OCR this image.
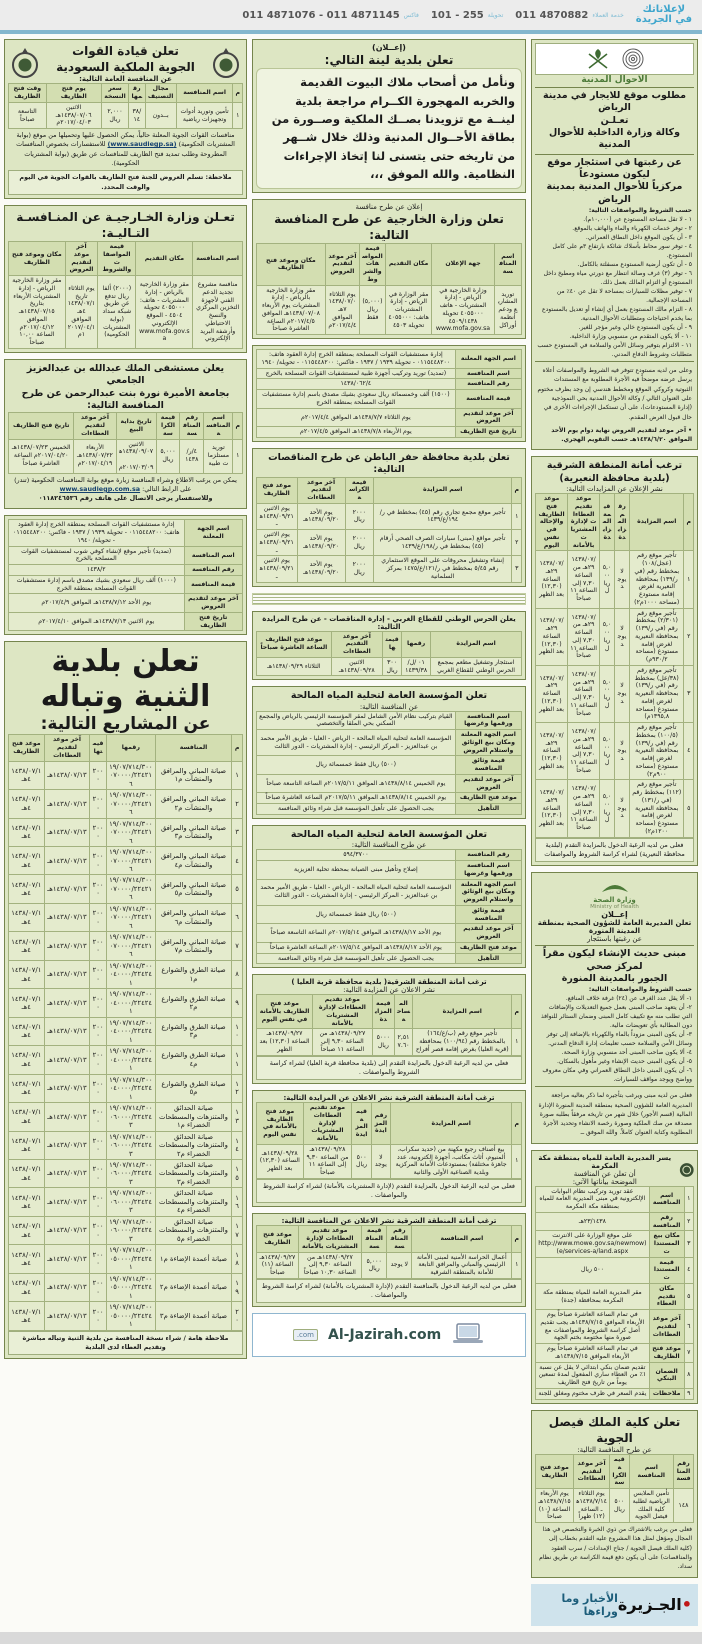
لإعلاناتك
في الجريدة
خدمة العملاء
011 4870882
تحويلة
101 - 255
فاكس
011 4871076 - 011 4871145
الاحوال المدنية
مطلوب موقع للايجار في مدينة الرياض
تعـلـن
وكالة وزارة الداخلية للأحوال المدنية
عن رغبتها في استئجار موقع ليكون مستودعاً
مركزياً للأحوال المدنية بمدينة الرياض
حسب الشروط والمواصفات التالية:
١ - لا تقل مساحة المستودع عن (١٠,٠٠٠م).
٢ - توفر خدمات الكهرباء والماء والهاتف بالموقع.
٣ - أن يكون الموقع داخل النطاق العمراني.
٤ - توفر سور محاط بأسلاك شائكة بارتفاع ٣م على كامل المستودع.
٥ - أن تكون أرضية المستودع مسفلتة بالكامل.
٦ - توفر (٣) غرف وصالة انتظار مع دورتي مياه ومطبخ داخل المستودع أو التزام المالك بعمل ذلك.
٧ - توفير مظلات للسيارات بمساحة لا تقل عن ٤٠٪ من المساحة الإجمالية.
٨ - التزام مالك المستودع بعمل أي إنشاء أو تعديل بالمستودع بما يخدم احتياجات ومتطلبات الأحوال المدنية.
٩ - أن يكون المستودع خالي وغير مؤجر للغير.
١٠ - ألا يكون المتقدم من منسوبي وزارة الداخلية.
١١ - الالتزام بتوفير وسائل الأمن والسلامة في المستودع حسب متطلبات وشروط الدفاع المدني.
وعلى من لديه مستودع تتوفر فيه الشروط والمواصفات أعلاه يرسل عرضه موضحاً فيه الأجرة المطلوبة مع المستندات الثبوتية وكروكي الموقع ومخطط هندسي إن وجد بظرف مختوم على العنوان التالي / وكالة الأحوال المدنية بحي النموذجية (إدارة المستودعات)، على أن تستكمل الإجراءات الأخرى في حال قبول العرض المقدم.
• آخر موعد لتقديم العروض نهاية دوام يوم الأحد الموافق ١٤٣٨/٦/٢٠هـ حسب التقويم الهجري.
ترغب أمانة المنطقة الشرقية (بلدية محافظة النعيرية)
نشر الإعلان عن المزايدات التالية:
م	اسم المزايدة	رقم المزايدة	قيمة المزايدة	موعد تقديم العطاءات لإدارة المشتريات بالأمانة	موعد فتح الظاريف والإحالة في نفس اليوم
١	تأجير موقع رقم (عجل/١٠٨) بمخطط رقم (في ر/١٣٩) بمحافظة النعيرية لغرض إقامة مستودع (مساحة ١٠٠٠م٢)	لا يوجد	٥,٠٠٠ ريال	١٤٣٨/٠٧/٢٩هـ من الساعة ٧,٣٠ إلى الساعة ١١ صباحاً	١٤٣٨/٠٧/٢٩هـ الساعة (١٢,٣٠) بعد الظهر
٢	تأجير موقع رقم (٢/٣٠١) بمخطط رقم (في ر/١٣٩) بمحافظة النعيرية لغرض إقامة مستودع (مساحة ٩٣٠/٢م)	لا يوجد	٥,٠٠٠ ريال	١٤٣٨/٠٧/٢٩هـ من الساعة ٧,٣٠ إلى الساعة ١١ صباحاً	١٤٣٨/٠٧/٢٩هـ الساعة (١٢,٣٠) بعد الظهر
٣	تأجير موقع رقم (٣٨/عل) بمخطط رقم (في ر/١٣٩) بمحافظة النعيرية لغرض إقامة مستودع (مساحة ١٣٩٥,٨م)	لا يوجد	٥,٠٠٠ ريال	١٤٣٨/٠٧/٢٩هـ من الساعة ٧,٣٠ إلى الساعة ١١ صباحاً	١٤٣٨/٠٧/٢٩هـ الساعة (١٢,٣٠) بعد الظهر
٤	تأجير موقع رقم (١٠٠/٥) بمخطط رقم (في ر/١٣٩) بمحافظة النعيرية لغرض إقامة مستودع (مساحة ٩٠٠م٢)	لا يوجد	٥,٠٠٠ ريال	١٤٣٨/٠٧/٢٩هـ من الساعة ٧,٣٠ إلى الساعة ١١ صباحاً	١٤٣٨/٠٧/٢٩هـ الساعة (١٢,٣٠) بعد الظهر
٥	تأجير موقع رقم (١١٢) بمخطط رقم (في ر/١٣١) بمحافظة النعيرية لغرض إقامة مستودع (مساحة ١٢٠٠م٢)	لا يوجد	٥,٠٠٠ ريال	١٤٣٨/٠٧/٢٩هـ من الساعة ٧,٣٠ إلى الساعة ١١ صباحاً	١٤٣٨/٠٧/٢٩هـ الساعة (١٢,٣٠) بعد الظهر
فعلى من لديه الرغبة الدخول بالمزايدة التقدم (لبلدية محافظة النعيرية) لشراء كراسة الشروط والمواصفات
وزارة الصحة
Ministry of Health
إعــلان
تعلن المديرية العامة للشؤون الصحية بمنطقة المدينة المنورة
عن رغبتها باستئجار
مبنى حديث الإنشاء ليكون مقراً لمركز صحي
الجبور بالمدينة المنورة
حسب الشروط والمواصفات التالية:
١- ألا يقل عدد الغرف عن (٢٤) غرفة خلاف المنافع.
٢- أن يتعهد صاحب المبنى بعمل جميع التعديلات والإضافات التي تطلب منه مع تكييف كامل المبنى وضمان الستائر للنوافذ دون المطالبة بأي تعويضات مالية.
٣- أن يكون المبنى مزوداً بالماء والكهرباء بالإضافة إلى توفر وسائل الأمن والسلامة حسب تعليمات إدارة الدفاع المدني.
٤- ألا يكون صاحب المبنى أحد منسوبي وزارة الصحة.
٥- أن يكون المبنى حديث الإنشاء وغير مأهول بالسكان.
٦- أن يكون المبنى داخل النطاق العمراني وفي مكان معروف وواضح ويوجد مواقف للسيارات.
فعلى من لديه مبنى ويرغب بتأجيره لما ذكر بعاليه مراجعة المديرية العامة للشؤون الصحية بمنطقة المدينة المنورة الإدارة المالية (قسم الأجور) خلال شهر من تاريخه مرفقاً بطلبه صورة مصدقة من صك الملكية وصورة رخصة الانشاء وتحديد الأجرة المطلوبة وكتابة العنوان كاملاً. والله الموفق ــ
يسر المديرية العامة للمياه بمنطقة مكة المكرمة
أن تعلن عن المنافسة
الموضحة بياناتها الآتي:
١	اسم المنافسة	عقد توريد وتركيب نظام البوابات الإلكترونية في مبنى المديرية العامة للمياه بمنطقة مكة المكرمة
٢	رقم المنافسة	٢٣/١٤٣٨هـ
٣	مكان بيع المستندات	على موقع الوزارة على الانترنت (http://www.mowe.gov.sa/newmowe/services-a/land.aspx)
٤	قيمة المستندات	٥٠٠ ريال
٥	مكان تقديم العطاء	مقر المديرية العامة للمياه بمنطقة مكة المكرمة بمحافظة (جدة)
٦	آخر موعد لتقديم العطاءات	في تمام الساعة العاشرة صباحاً يوم الأربعاء الموافق ١٤٣٨/٧/١٥هـ يجب تقديم أصل كراسة الشروط والمواصفات مع صورة منها مختومة بختم الجهة
٧	موعد فتح الظاريف	في تمام الساعة العاشرة صباحاً يوم الأربعاء الموافق ١٤٣٨/٧/١٥هـ
٨	الضمان البنكي	تقديم ضمان بنكي ابتدائي لا يقل عن نسبة ١٪ من العطاء ساري المفعول لمدة تسعين يوماً من تاريخ فتح الظاريف
٩	ملاحظات	يقدم السعر في ظرف مختوم ومغلق للجنة
تعلن كلية الملك فيصل الجوية
عن طرح المنافسة التالية:
رقم المنافسة	اسم المنافسة	قيمة الكراسة	آخر موعد لتقديم العطاءات	موعد فتح الظاريف
١٤٨	تأمين الملابس الرياضية لطلبة كلية الملك فيصل الجوية	٥٠٠ ريال	يوم الثلاثاء ١٤٣٨/٧/١٤هـ الساعة (١٢) ظهراً	يوم الأربعاء ١٤٣٨/٧/١٥هـ الساعة (١٠) صباحاً
فعلى من يرغب بالاشتراك من ذوي الخبرة والتخصص في هذا المجال ومؤهل لمثل هذا المشروع عليه التقدم بخطاب إلى (كلية الملك فيصل الجوية / جناح الإمدادات / سرب العقود والمناقصات) على أن يكون دفع قيمة الكراسة عن طريق نظام سداد.
•الجـزيرة
الأخبار وما وراءها
(إعــلان)
تعلن بلدية لينة التالي:
ونأمل من أصحاب ملاك البيوت القديمة والخربه المهجورة الكــرام مراجعة بلدية لينــة مع تزويدنا بصــك الملكية وصــورة من بطاقة الأحــوال المدنية وذلك خلال شــهر من تاريخه حتى يتسنى لنا إتخاذ الإجراءات النظامية. والله الموفق ،،،
إعلان عن طرح منافسة
تعلن وزارة الخارجية عن طرح المنافسة التالية:
اسم المنافسة	جهة الإعلان	مكان التقديم	قيمة المواصفات والشروط	آخر موعد لتقديم العروض	مكان وموعد فتح الظاريف
توريد المشاريع ودعم أنظمة أوراكل	وزارة الخارجية في الرياض - إدارة المشتريات - هاتف ٤٠٥٥٠٠٠ تحويلة ٤٥٠٩/١٤٣٨ www.mofa.gov.sa	مقر الوزارة في الرياض - إدارة المشتريات هاتف: ٤٠٥٥٠٠٠ تحويلة ٤٥٠٣	(٥,٠٠٠) ريال فقط	يوم الثلاثاء ١٤٣٨/٠٧/٠٧هـ الموافق ٢٠١٧/٤/٤م	مقر وزارة الخارجية بالرياض - إدارة المشتريات يوم الأربعاء ١٤٣٨/٠٧/٠٨هـ الموافق ٢٠١٧/٤/٥م الساعة العاشرة صباحاً
اسم الجهة المعلنة	إدارة مستشفيات القوات المسلحة بمنطقة الخرج إدارة العقود هاتف: ٠١١٥٤٤٨٢٠٠ - تحويلة ١٩٣٩ / ١٩٣٧ - فاكس: ٠١١٥٤٤٨٢٠٠ - تحويلة/ ١٩٤٠
اسم المنافسة	(تمديد) توريد وتركيب أجهزة طبية لمستشفيات القوات المسلحة بالخرج
رقم المنافسة	١٤٣٨/٠٦٢/٤
قيمة المنافسة	(١٥٠٠) ألف وخمسمائة ريال سعودي بشيك مصدق باسم إدارة مستشفيات القوات المسلحة بمنطقة الخرج
آخر موعد لتقديم العروض	يوم الثلاثاء ١٤٣٨/٧/٧هـ الموافق ٢٠١٧/٤/٤م
تاريخ فتح الظاريف	يوم الأربعاء ١٤٣٨/٧/٨هـ الموافق ٢٠١٧/٤/٥م
تعلن بلدية محافظة حفر الباطن عن طرح المناقصات التالية:
م	اسم المزايدة	قيمة الكراسة	آخر موعد لتقديم العطاءات	موعد فتح الظاريف
١	تأجير موقع مجمع تجاري رقم (٤٥) بمخطط في ر/١٩٤/ع/١٤٣٩	٢٠٠٠ ريال	يوم الأحد ١٤٣٨/٠٩/٢٠هـ	يوم الاثنين ١٤٣٨/٠٩/٢١هـ
٢	تأجير مواقع (مبنى) سيارات الصرف الصحي أرقام (٤٥) بمخطط في ر/١٩٨/ع/١٤٣٩	٢٠٠٠ ريال	يوم الأحد ١٤٣٨/٠٩/٢٠هـ	يوم الاثنين ١٤٣٨/٠٩/٢١هـ
٣	إنشاء وتشغيل محروقات على الموقع الاستثماري رقم ٥/٤٥ بمخطط في ر/١٢١/ع/١٤٧٥ بمركز السلمانية	٢٠٠٠ ريال	يوم الأحد ١٤٣٨/٠٩/٢٠هـ	يوم الاثنين ١٤٣٨/٠٩/٢١هـ
يعلن الحرس الوطني للقطاع الغربي - إدارة المناقصات - عن طرح المزايدة التالية:
اسم المزايدة	رقمها	قيمتها	آخر موعد التقديم العطاءات	موعد فتح الظاريف الساعة العاشرة صباحاً
استئجار وتشغيل مطعم بمجمع الحرس الوطني للقطاع الغربي	٠١ /ل/ ١٤٣٩/٣٨	٣٠٠ ريال	الاثنين ١٤٣٨/٠٩/٢٨هـ	الثلاثاء ١٤٣٨/٠٩/٢٩هـ
تعلن المؤسسة العامة لتحلية المياه المالحة
عن المنافسة التالية:
اسم المنافسة ورقمها وغرضها	القيام بتركيب نظام الأمن الشامل لمقر المؤسسة الرئيسي بالرياض والمجمع السكني بحي الملقا والتخصصي
اسم الجهة المعلنة ومكان بيع الوثائق واستلام العروض	المؤسسة العامة لتحلية المياه المالحة - الرياض - العليا - طريق الأمير محمد بن عبدالعزيز - المركز الرئيسي - إدارة المشتريات - الدور الثالث
قيمة وثائق المنافسة	(٥٠٠) ريال فقط خمسمائة ريال
آخر موعد لتقديم العروض	يوم الخميس ١٤٣٨/٨/١٤هـ الموافق ٢٠١٧/٥/١١م الساعة التاسعة صباحاً
موعد فتح الظاريف	يوم الخميس ١٤٣٨/٨/١٤هـ الموافق ٢٠١٧/٥/١١م الساعة العاشرة صباحاً
التأهيل	يجب الحصول على تأهيل المؤسسة قبل شراء وثائق المنافسة
تعلن المؤسسة العامة لتحلية المياه المالحة
عن طرح المنافسة التالية:
رقم المنافسة	٥٩٤/٣٧٠٠
اسم المنافسة ورقمها وغرضها	إصلاح وتأهيل مبنى الصيانة بمحطة تحلية العزيزية
اسم الجهة المعلنة ومكان بيع الوثائق واستلام العروض	المؤسسة العامة لتحلية المياه المالحة - الرياض - العليا - طريق الأمير محمد بن عبدالعزيز - المركز الرئيسي - إدارة المشتريات - الدور الثالث
قيمة وثائق المنافسة	(٥٠٠) ريال فقط خمسمائة ريال
آخر موعد لتقديم العروض	يوم الأحد ١٤٣٨/٨/١٧هـ الموافق ٢٠١٧/٥/١٤م الساعة التاسعة صباحاً
موعد فتح الظاريف	يوم الأحد ١٤٣٨/٨/١٧هـ الموافق ٢٠١٧/٥/١٤م الساعة العاشرة صباحاً
التأهيل	يجب الحصول على تأهيل المؤسسة قبل شراء وثائق المنافسة
ترغب أمانة المنطقة الشرقية( بلدية محافظة قرية العليا )
نشر الاعلان عن المزايدة التالية:
م	اسم المزايدة	المساحة	قيمة المزايدة	موعد تقديم العطاءات لإدارة المشتريات بالأمانة	موعد فتح الظاريف بالأمانة في نفس اليوم
١	تأجير موقع رقم (ب/ع/١٦٤) بالمخطط رقم (١٠٠/٩٤) بمحافظة (قرية العليا) بغرض إقامة قصر أفراح	٢,٥١٧.٦٠	٥٠٠٠ ريال	١٤٣٨/٠٩/٢٧هـ من الساعة ٩,٣٠ إلى الساعة ١١ صباحاً	١٤٣٨/٠٩/٢٧هـ الساعة (١٢,٣٠) بعد الظهر
فعلى من لديه الرغبة الدخول بالمزايدة التقدم إلى (بلدية محافظة قرية العليا) لشراء كراسة الشروط والمواصفات .
ترغب أمانة المنطقة الشرقية نشر الاعلان عن المزايدة التالية:
م	اسم المزايدة	رقم المزايدة	قيمة المزايدة	موعد تقديم العطاءات لإدارة المشتريات بالأمانة	موعد فتح الظاريف بالأمانة في نفس اليوم
١	بيع أصناف رجيع مكهنة من (حديد سكراب، ألمنيوم، أثاث مكاتب، أجهزة إلكترونية، عدد جاهزة مختلفة) بمستودعات الأمانة المركزية وبلدية الصناعية الأولى والثانية	لا يوجد	٥٠٠ ريال	١٤٣٨/٠٩/٢٨هـ من الساعة ٩,٣٠ إلى الساعة ١١ صباحاً	١٤٣٨/٠٩/٢٨هـ الساعة (١٢,٣٠) بعد الظهر
فعلى من لديه الرغبة الدخول بالمزايدة التقدم (لإدارة المشتريات بالأمانة) لشراء كراسة الشروط والمواصفات .
ترغب أمانة المنطقة الشرقية نشر الاعلان عن المنافسة التالية:
م	اسم المنافسة	رقم المنافسة	قيمة المنافسة	موعد تقديم العطاءات لإدارة المشتريات بالأمانة	موعد فتح الظاريف
١	أعمال الحراسة الأمنية لمبنى الأمانة الرئيسي والمباني والمرافق التابعة للأمانة بالمنطقة الشرقية	لا يوجد	٥,٠٠٠ ريال	١٤٣٨/٠٩/٢٧هـ من الساعة ٩,٣٠ إلى الساعة ١٠,٣٠ صباحاً	١٤٣٨/٠٩/٢٧هـ الساعة (١١) صباحاً
فعلى من لديه الرغبة الدخول بالمنافسة التقدم (لإدارة المشتريات بالأمانة) لشراء كراسة الشروط والمواصفات .
Al-Jazirah.com
.com
تعلن قيادة القوات
الجوية الملكية السعودية
عن المنافسة العامة التالية:
م	اسم المنافسة	مجال التصنيف	رقمها	سعر النسخة	يوم فتح الظاريف	وقت فتح الظاريف
١	تأمين وتوريد أدوات وتجهيزات رياضية	بــدون	٣٨/١٤	٢,٠٠٠ ريال	الاثنين ١٤٣٨/٠٧/٠٦هـ ٢٠١٧/٠٤/٠٣م	التاسعة صباحاً
منافسات القوات الجوية المعلنة حالياً، يمكن الحصول عليها وتحميلها من موقع (بوابة المشتريات الحكومية) (www.saudiegp.sa) للاستفسارات بخصوص المنافسات المطروحة وطلب تمديد فتح الظاريف للمنافسات عن طريق (بوابة المشتريات الحكومية).
ملاحظة: تسلم العروض للجنة فتح الظاريف بالقوات الجوية في اليوم والوقت المحدد.
تعـلن وزارة الخـارجيـة عن المنـافسـة التـاليـة:
اسم المنافسة	مكان التقديم	قيمة المواصفات والشروط	آخر موعد لتقديم العروض	مكان وموعد فتح الظاريف
منافسة مشروع تجديد الدعم الفني لأجهزة التخزين المركزي والنسخ الاحتياطي وأرشفة البريد الإلكتروني	مقر وزارة الخارجية بالرياض - إدارة المشتريات - هاتف: ٤٠٥٥٠٠٠ تحويلة ٤٥٠٤ - الموقع الإلكتروني www.mofa.gov.sa	(٢٠٠٠) ألفا ريال تدفع عن طريق شبكة سداد (بوابة المشتريات الحكومية)	يوم الثلاثاء تاريخ ١٤٣٨/٠٧/١٤هـ الموافق ٢٠١٧/٠٤/١١م	مقر وزارة الخارجية الرياض - إدارة المشتريات الأربعاء بتاريخ ١٤٣٨/٠٧/١٥هـ الموافق ٢٠١٧/٠٤/١٢م الساعة ١٠,٠٠ صباحاً
يعلن مستشفى الملك عبدالله بن عبدالعزيز الجامعي
بجامعة الأميرة نورة بنت عبدالرحمن عن طرح المنافسة التالية:
م	اسم المنافسة	رقم المنافسة	قيمة الكراسة	تاريخ بداية البيع	آخر موعد لتقديم العطاءات	تاريخ فتح الظاريف
١	توريد مستلزمات طبية	٤/ر/١٤٣٨	٥,٠٠٠ ريال	الاثنين ١٤٣٨/٠٩/٠٧هـ ٢٠١٧/٠٣/٠٩م	الأربعاء ١٤٣٨/٠٧/٢٢هـ ٢٠١٧/٠٤/١٩م	الخميس ١٤٣٨/٠٧/٢٣هـ ٢٠١٧/٠٤/٢٠م الساعة العاشرة صباحاً
يمكن من يرغب الاطلاع وشراء المنافسة زيارة موقع بوابة المنافسات الحكومية (تندر) على الرابط التالي: www.saudiegp.com.sa
وللاستفسار يرجى الاتصال على هاتف رقم ٠١١٨٢٤٦٥٣٦
اسم الجهة المعلنة	إدارة مستشفيات القوات المسلحة بمنطقة الخرج إدارة العقود هاتف: ٠١١٥٤٤٨٢٠٠ - تحويلة ١٩٣٩ / ١٩٣٧ - فاكس: ٠١١٥٤٤٨٢٠٠ - تحويلة/ ١٩٤٠
اسم المنافسة	(تمديد) تأجير موقع لإنشاء كوفي شوب لمستشفيات القوات المسلحة بالخرج
رقم المنافسة	١٤٣٨/٢
قيمة المنافسة	(١٠٠٠) ألف ريال سعودي بشيك مصدق باسم إدارة مستشفيات القوات المسلحة بمنطقة الخرج
آخر موعد لتقديم العروض	يوم الأحد ١٤٣٨/٧/١٢هـ الموافق ٢٠١٧/٤/٩م
تاريخ فتح الظاريف	يوم الاثنين ١٤٣٨/٧/١٣هـ الموافق ٢٠١٧/٤/١٠م
تعلن بلدية الثنية وتباله
عن المشاريع التالية:
م	المنافسة	رقمها	قيمتها	آخر موعد لتقديم العطاءات	موعد فتح الظاريف
١	صيانة المباني والمرافق والمنشآت م١	١٩/٠٧/٧١٤/٣٠٠٠٧٠٠٠٠/٢٢٤٢١٦	٢٠٠٠	١٤٣٨/٠٧/١٣هـ	١٤٣٨/٠٧/١٤هـ
٢	صيانة المباني والمرافق والمنشآت م٢	١٩/٠٧/٧١٤/٣٠٠٠٧٠٠٠٠/٢٢٤٢١٦	٢٠٠٠	١٤٣٨/٠٧/١٣هـ	١٤٣٨/٠٧/١٤هـ
٣	صيانة المباني والمرافق والمنشآت م٣	١٩/٠٧/٧١٤/٣٠٠٠٧٠٠٠٠/٢٢٤٢١٦	٢٠٠٠	١٤٣٨/٠٧/١٣هـ	١٤٣٨/٠٧/١٤هـ
٤	صيانة المباني والمرافق والمنشآت م٤	١٩/٠٧/٧١٤/٣٠٠٠٧٠٠٠٠/٢٢٤٢١٦	٢٠٠٠	١٤٣٨/٠٧/١٣هـ	١٤٣٨/٠٧/١٤هـ
٥	صيانة المباني والمرافق والمنشآت م٥	١٩/٠٧/٧١٤/٣٠٠٠٧٠٠٠٠/٢٢٤٢١٦	٢٠٠٠	١٤٣٨/٠٧/١٣هـ	١٤٣٨/٠٧/١٤هـ
٦	صيانة المباني والمرافق والمنشآت م٦	١٩/٠٧/٧١٤/٣٠٠٠٧٠٠٠٠/٢٢٤٢١٦	٢٠٠٠	١٤٣٨/٠٧/١٣هـ	١٤٣٨/٠٧/١٤هـ
٧	صيانة المباني والمرافق والمنشآت م٧	١٩/٠٧/٧١٤/٣٠٠٠٧٠٠٠٠/٢٢٤٢١٦	٢٠٠٠	١٤٣٨/٠٧/١٣هـ	١٤٣٨/٠٧/١٤هـ
٨	صيانة الطرق والشوارع م١	١٩/٠٧/٧١٤/٣٠٠٠٤٠٠٠٠/٢٢٤٢٤١	٢٠٠٠	١٤٣٨/٠٧/١٣هـ	١٤٣٨/٠٧/١٤هـ
٩	صيانة الطرق والشوارع م٢	١٩/٠٧/٧١٤/٣٠٠٠٤٠٠٠٠/٢٢٤٢٤١	٢٠٠٠	١٤٣٨/٠٧/١٣هـ	١٤٣٨/٠٧/١٤هـ
١٠	صيانة الطرق والشوارع م٣	١٩/٠٧/٧١٤/٣٠٠٠٤٠٠٠٠/٢٢٤٢٤١	٢٠٠٠	١٤٣٨/٠٧/١٣هـ	١٤٣٨/٠٧/١٤هـ
١١	صيانة الطرق والشوارع م٤	١٩/٠٧/٧١٤/٣٠٠٠٤٠٠٠٠/٢٢٤٢٤١	٢٠٠٠	١٤٣٨/٠٧/١٣هـ	١٤٣٨/٠٧/١٤هـ
١٢	صيانة الطرق والشوارع م٥	١٩/٠٧/٧١٤/٣٠٠٠٤٠٠٠٠/٢٢٤٢٤١	٢٠٠٠	١٤٣٨/٠٧/١٣هـ	١٤٣٨/٠٧/١٤هـ
١٣	صيانة الحدائق والمتنزهات والمسطحات الخضراء م١	١٩/٠٧/٧١٤/٣٠٠٠٦٠٠٠٠/٢٢٤٢٤٣	٢٠٠٠	١٤٣٨/٠٧/١٣هـ	١٤٣٨/٠٧/١٤هـ
١٤	صيانة الحدائق والمتنزهات والمسطحات الخضراء م٢	١٩/٠٧/٧١٤/٣٠٠٠٦٠٠٠٠/٢٢٤٢٤٣	٢٠٠٠	١٤٣٨/٠٧/١٣هـ	١٤٣٨/٠٧/١٤هـ
١٥	صيانة الحدائق والمتنزهات والمسطحات الخضراء م٣	١٩/٠٧/٧١٤/٣٠٠٠٦٠٠٠٠/٢٢٤٢٤٣	٢٠٠٠	١٤٣٨/٠٧/١٣هـ	١٤٣٨/٠٧/١٤هـ
١٦	صيانة الحدائق والمتنزهات والمسطحات الخضراء م٤	١٩/٠٧/٧١٤/٣٠٠٠٦٠٠٠٠/٢٢٤٢٤٣	٢٠٠٠	١٤٣٨/٠٧/١٣هـ	١٤٣٨/٠٧/١٤هـ
١٧	صيانة الحدائق والمتنزهات والمسطحات الخضراء م٥	١٩/٠٧/٧١٤/٣٠٠٠٦٠٠٠٠/٢٢٤٢٤٣	٢٠٠٠	١٤٣٨/٠٧/١٣هـ	١٤٣٨/٠٧/١٤هـ
١٨	صيانة أعمدة الإضاءة م١	١٩/٠٧/٧١٤/٣٠٠٠٥٠٠٠٠/٢٢٤٢٤١	٢٠٠٠	١٤٣٨/٠٧/١٣هـ	١٤٣٨/٠٧/١٤هـ
١٩	صيانة أعمدة الإضاءة م٢	١٩/٠٧/٧١٤/٣٠٠٠٥٠٠٠٠/٢٢٤٢٤١	٢٠٠٠	١٤٣٨/٠٧/١٣هـ	١٤٣٨/٠٧/١٤هـ
٢٠	صيانة أعمدة الإضاءة م٣	١٩/٠٧/٧١٤/٣٠٠٠٥٠٠٠٠/٢٢٤٢٤١	٢٠٠٠	١٤٣٨/٠٧/١٣هـ	١٤٣٨/٠٧/١٤هـ
ملاحظة هامة / شراء نسخة المنافسة من بلدية الثنية وتباله مباشرة وتقديم العطاء لدى البلدية
